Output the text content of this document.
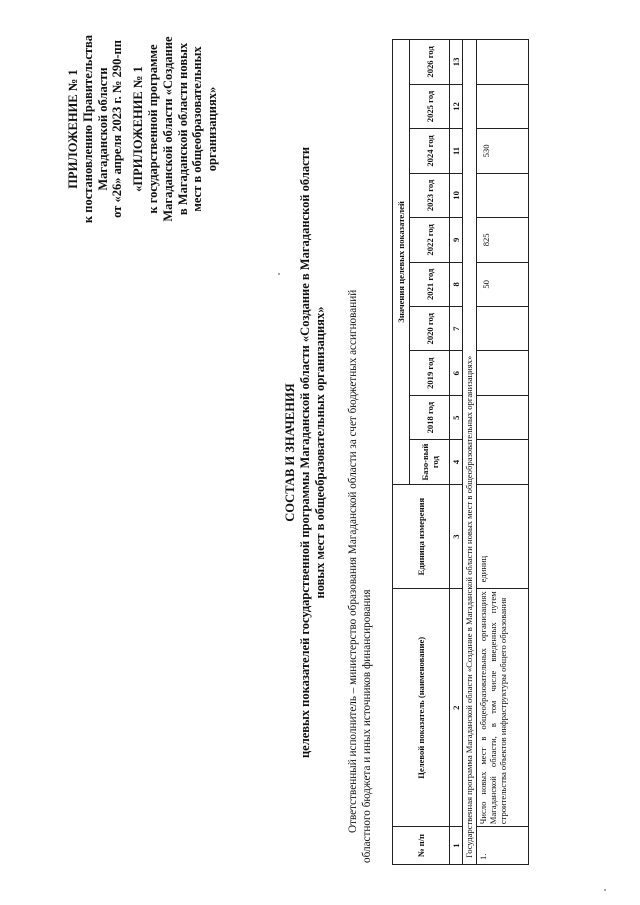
ПРИЛОЖЕНИЕ № 1 к постановлению Правительства Магаданской области от «26» апреля 2023 г. № 290-пп «ПРИЛОЖЕНИЕ № 1 к государственной программе Магаданской области «Создание в Магаданской области новых мест в общеобразовательных организациях»
СОСТАВ И ЗНАЧЕНИЯ целевых показателей государственной программы Магаданской области «Создание в Магаданской области новых мест в общеобразовательных организациях» Ответственный исполнитель – министерство образования Магаданской области за счет бюджетных ассигнований областного бюджета и иных источников финансирования	№ п/п	Целевой показатель (наименование)	Единица измерения	Значения целевых показателей									
			Базо-вый год	2018 год	2019 год	2020 год	2021 год	2022 год	2023 год	2024 год	2025 год	2026 год
1	2	3	4	5	6	7	8	9	10	11	12	13
Государственная программа Магаданской области «Создание в Магаданской области новых мест в общеобразовательных организациях»												
1.	Число новых мест в общеобразовательных организациях Магаданской области, в том числе введенных путем строительства объектов инфраструктуры общего образования	единиц					50	825		530		
